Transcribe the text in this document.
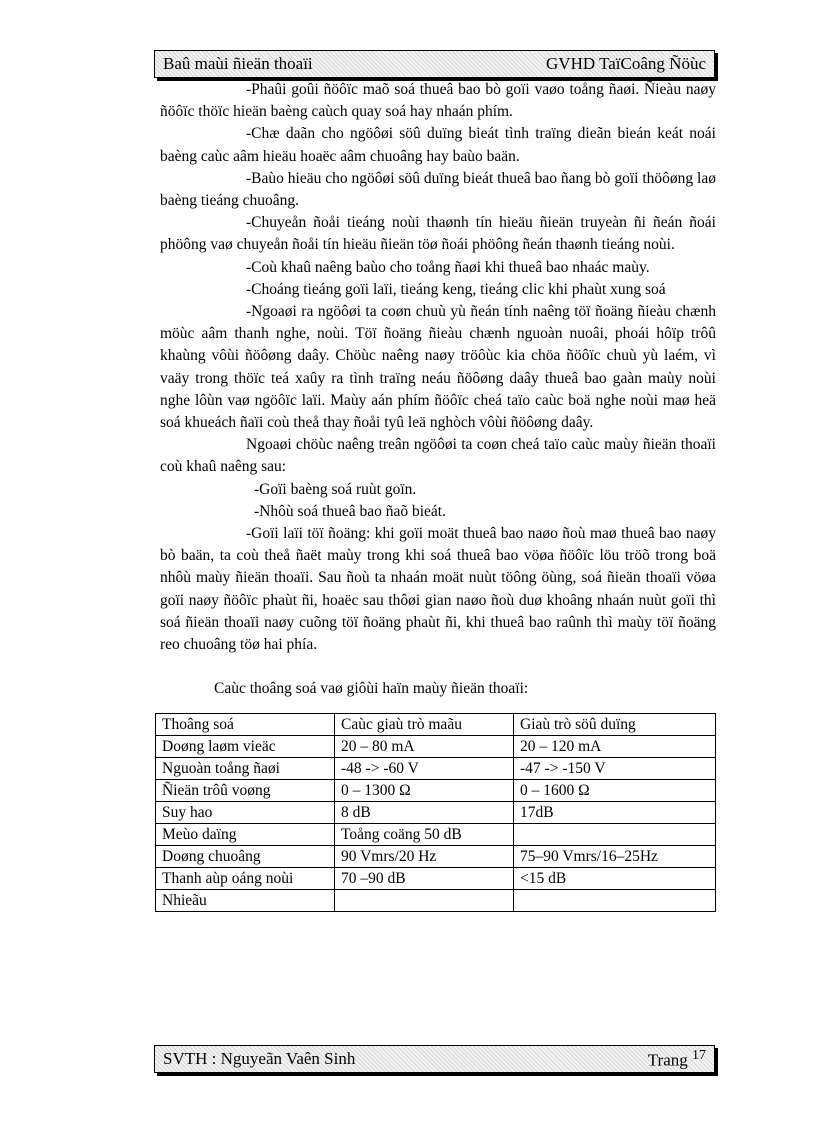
Baû maùi ñieän thoaïi	GVHD TaïCoâng Ñöùc

-Phaûi goûi ñöôïc maõ soá thueâ bao bò goïi vaøo toång ñaøi. Ñieàu naøy ñöôïc thöïc hieän baèng caùch quay soá hay nhaán phím.

-Chæ daãn cho ngöôøi söû duïng bieát tình traïng dieãn bieán keát noái baèng caùc aâm hieäu hoaëc aâm chuoâng hay baùo baän.

-Baùo hieäu cho ngöôøi söû duïng bieát thueâ bao ñang bò goïi thöôøng laø baèng tieáng chuoâng.

-Chuyeån ñoåi tieáng noùi thaønh tín hieäu ñieän truyeàn ñi ñeán ñoái phöông vaø chuyeån ñoåi tín hieäu ñieän töø ñoái phöông ñeán thaønh tieáng noùi.

-Coù khaû naêng baùo cho toång ñaøi khi thueâ bao nhaác maùy.

-Choáng tieáng goïi laïi, tieáng keng, tieáng clic khi phaùt xung soá

-Ngoaøi ra ngöôøi ta coøn chuù yù ñeán tính naêng töï ñoäng ñieàu chænh möùc aâm thanh nghe, noùi. Töï ñoäng ñieàu chænh nguoàn nuoâi, phoái hôïp trôû khaùng vôùi ñöôøng daây. Chöùc naêng naøy tröôùc kia chöa ñöôïc chuù yù laém, vì vaäy trong thöïc teá xaûy ra tình traïng neáu ñöôøng daây thueâ bao gaàn maùy noùi nghe lôùn vaø ngöôïc laïi. Maùy aán phím ñöôïc cheá taïo caùc boä nghe noùi maø heä soá khueách ñaïi coù theå thay ñoåi tyû leä nghòch vôùi ñöôøng daây.

Ngoaøi chöùc naêng treân ngöôøi ta coøn cheá taïo caùc maùy ñieän thoaïi coù khaû naêng sau:

-Goïi baèng soá ruùt goïn.

-Nhôù soá thueâ bao ñaõ bieát.

-Goïi laïi töï ñoäng: khi goïi moät thueâ bao naøo ñoù maø thueâ bao naøy bò baän, ta coù theå ñaët maùy trong khi soá thueâ bao vöøa ñöôïc löu tröõ trong boä nhôù maùy ñieän thoaïi. Sau ñoù ta nhaán moät nuùt töông öùng, soá ñieän thoaïi vöøa goïi naøy ñöôïc phaùt ñi, hoaëc sau thôøi gian naøo ñoù duø khoâng nhaán nuùt goïi thì soá ñieän thoaïi naøy cuõng töï ñoäng phaùt ñi, khi thueâ bao raûnh thì maùy töï ñoäng reo chuoâng töø hai phía.

Caùc thoâng soá vaø giôùi haïn maùy ñieän thoaïi:

Thoâng soá	Caùc giaù trò maãu	Giaù trò söû duïng
Doøng laøm vieäc	20 – 80 mA	20 – 120 mA
Nguoàn toång ñaøi	-48 -> -60 V	-47 -> -150 V
Ñieän trôû voøng	0 – 1300 Ω	0 – 1600 Ω
Suy hao	8 dB	17dB
Meùo daïng	Toång coäng 50 dB	
Doøng chuoâng	90 Vmrs/20 Hz	75–90 Vmrs/16–25Hz
Thanh aùp oáng noùi	70 –90 dB	<15 dB
Nhieãu		
SVTH : Nguyeãn Vaên Sinh	Trang $^{17}$
